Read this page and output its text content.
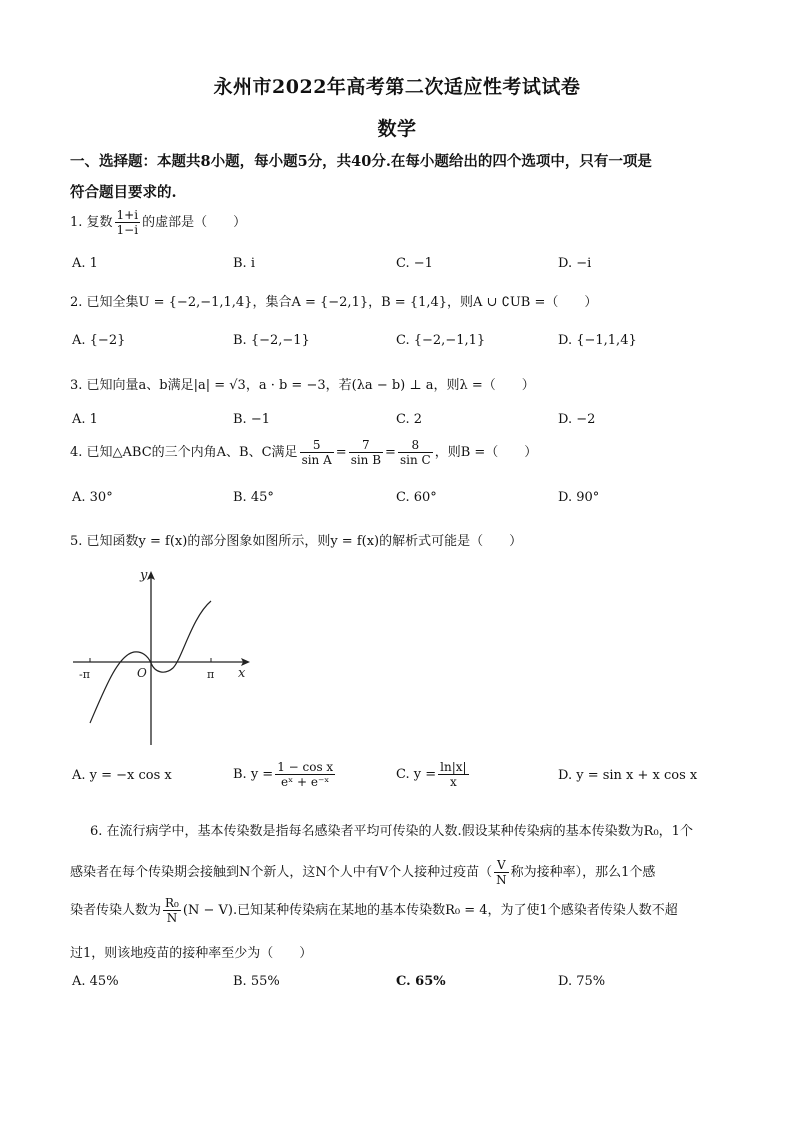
永州市2022年高考第二次适应性考试试卷
数学
一、选择题：本题共8小题，每小题5分，共40分.在每小题给出的四个选项中，只有一项是
符合题目要求的.
1. 复数 $\frac{1+i}{1-i}$ 的虚部是（　　）
A. 1	B. i	C. −1	D. −i
2. 已知全集U = {−2,−1,1,4}，集合A = {−2,1}，B = {1,4}，则A ∪ ∁UB =（　　）
A. {−2}	B. {−2,−1}	C. {−2,−1,1}	D. {−1,1,4}
3. 已知向量a、b满足|a| = √3，a · b = −3，若(λa − b) ⊥ a，则λ =（　　）
A. 1	B. −1	C. 2	D. −2
4. 已知△ABC的三个内角A、B、C满足 $\frac{5}{\text{sin A}} = \frac{7}{\text{sin B}} = \frac{8}{\text{sin C}}$ ，则B =（　　）
A. 30°	B. 45°	C. 60°	D. 90°
5. 已知函数y = f(x)的部分图象如图所示，则y = f(x)的解析式可能是（　　）
y
x
O
-π	π
A. y = −x cos x	B. $y = \frac{\text{1 − cos x}}{\text{eˣ + e⁻ˣ}}$	C. $y = \frac{\ln|x|}{x}$	D. y = sin x + x cos x
6. 在流行病学中，基本传染数是指每名感染者平均可传染的人数.假设某种传染病的基本传染数为R₀，1个
感染者在每个传染期会接触到N个新人，这N个人中有V个人接种过疫苗（ $\frac{V}{N}$ 称为接种率），那么1个感
染者传染人数为 $\frac{\text{R₀}}{N} (N - V)$.已知某种传染病在某地的基本传染数R₀ = 4，为了使1个感染者传染人数不超
过1，则该地疫苗的接种率至少为（　　）
A. 45%	B. 55%	C. 65%	D. 75%
